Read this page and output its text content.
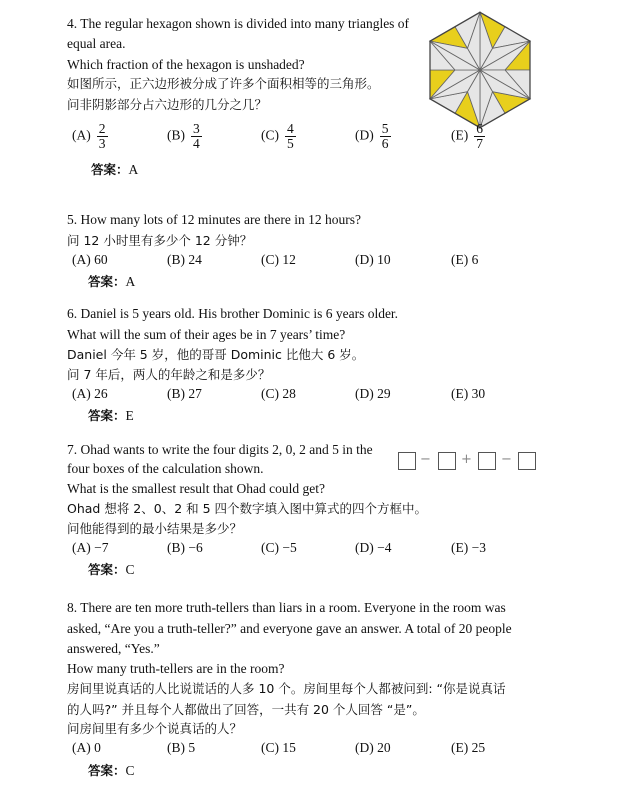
4. The regular hexagon shown is divided into many triangles of
equal area.
Which fraction of the hexagon is unshaded?
如图所示，正六边形被分成了许多个面积相等的三角形。
问非阴影部分占六边形的几分之几？
$(A) \frac{2}{3}$	$(B) \frac{3}{4}$	$(C) \frac{4}{5}$	$(D) \frac{5}{6}$	$(E) \frac{6}{7}$
答案：A
5. How many lots of 12 minutes are there in 12 hours?
问 12 小时里有多少个 12 分钟？
(A) 60	(B) 24	(C) 12	(D) 10	(E) 6
答案：A
6. Daniel is 5 years old. His brother Dominic is 6 years older.
What will the sum of their ages be in 7 years’ time?
Daniel 今年 5 岁，他的哥哥 Dominic 比他大 6 岁。
问 7 年后，两人的年龄之和是多少？
(A) 26	(B) 27	(C) 28	(D) 29	(E) 30
答案：E
7. Ohad wants to write the four digits 2, 0, 2 and 5 in the
four boxes of the calculation shown.
− + −
What is the smallest result that Ohad could get?
Ohad 想将 2、0、2 和 5 四个数字填入图中算式的四个方框中。
问他能得到的最小结果是多少？
(A) −7	(B) −6	(C) −5	(D) −4	(E) −3
答案：C
8. There are ten more truth-tellers than liars in a room. Everyone in the room was
asked, “Are you a truth-teller?” and everyone gave an answer. A total of 20 people
answered, “Yes.”
How many truth-tellers are in the room?
房间里说真话的人比说谎话的人多 10 个。房间里每个人都被问到: “你是说真话
的人吗?” 并且每个人都做出了回答，一共有 20 个人回答 “是”。
问房间里有多少个说真话的人？
(A) 0	(B) 5	(C) 15	(D) 20	(E) 25
答案：C
